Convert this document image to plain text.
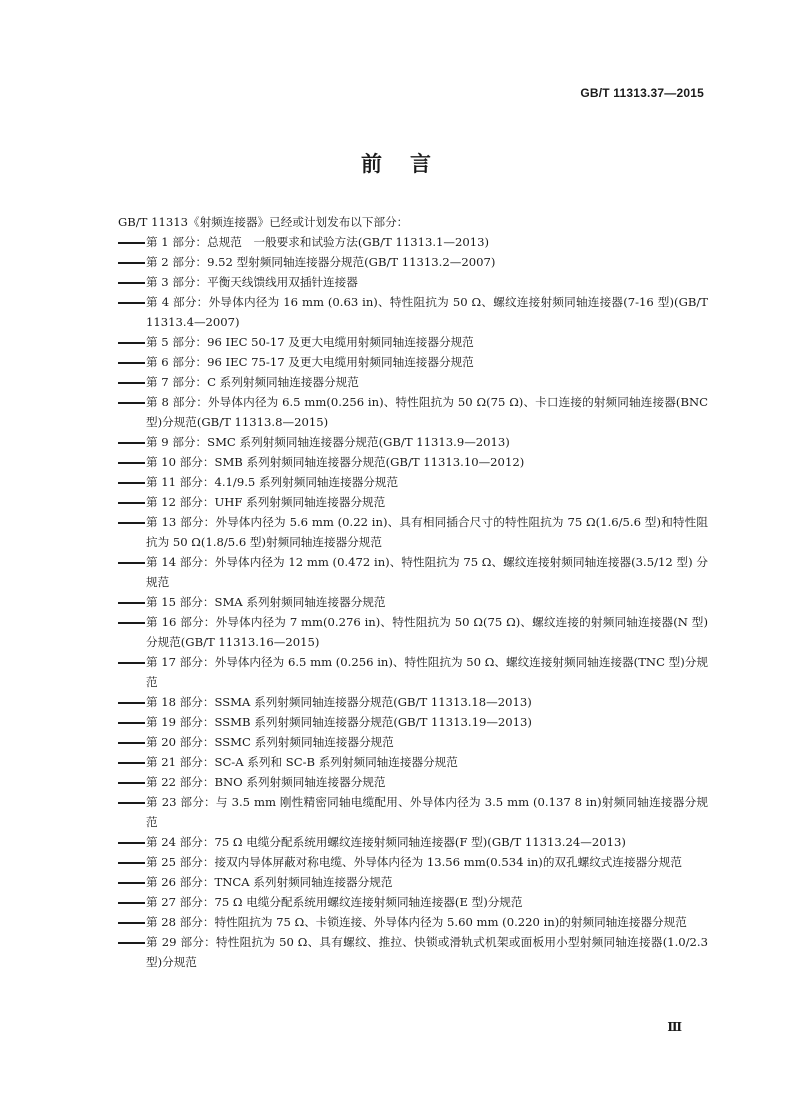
GB/T 11313.37—2015
前言
GB/T 11313《射频连接器》已经或计划发布以下部分：
第 1 部分：总规范　一般要求和试验方法(GB/T 11313.1—2013)
第 2 部分：9.52 型射频同轴连接器分规范(GB/T 11313.2—2007)
第 3 部分：平衡天线馈线用双插针连接器
第 4 部分：外导体内径为 16 mm (0.63 in)、特性阻抗为 50 Ω、螺纹连接射频同轴连接器(7-16 型)(GB/T 11313.4—2007)
第 5 部分：96 IEC 50-17 及更大电缆用射频同轴连接器分规范
第 6 部分：96 IEC 75-17 及更大电缆用射频同轴连接器分规范
第 7 部分：C 系列射频同轴连接器分规范
第 8 部分：外导体内径为 6.5 mm(0.256 in)、特性阻抗为 50 Ω(75 Ω)、卡口连接的射频同轴连接器(BNC 型)分规范(GB/T 11313.8—2015)
第 9 部分：SMC 系列射频同轴连接器分规范(GB/T 11313.9—2013)
第 10 部分：SMB 系列射频同轴连接器分规范(GB/T 11313.10—2012)
第 11 部分：4.1/9.5 系列射频同轴连接器分规范
第 12 部分：UHF 系列射频同轴连接器分规范
第 13 部分：外导体内径为 5.6 mm (0.22 in)、具有相同插合尺寸的特性阻抗为 75 Ω(1.6/5.6 型)和特性阻抗为 50 Ω(1.8/5.6 型)射频同轴连接器分规范
第 14 部分：外导体内径为 12 mm (0.472 in)、特性阻抗为 75 Ω、螺纹连接射频同轴连接器(3.5/12 型) 分规范
第 15 部分：SMA 系列射频同轴连接器分规范
第 16 部分：外导体内径为 7 mm(0.276 in)、特性阻抗为 50 Ω(75 Ω)、螺纹连接的射频同轴连接器(N 型)分规范(GB/T 11313.16—2015)
第 17 部分：外导体内径为 6.5 mm (0.256 in)、特性阻抗为 50 Ω、螺纹连接射频同轴连接器(TNC 型)分规范
第 18 部分：SSMA 系列射频同轴连接器分规范(GB/T 11313.18—2013)
第 19 部分：SSMB 系列射频同轴连接器分规范(GB/T 11313.19—2013)
第 20 部分：SSMC 系列射频同轴连接器分规范
第 21 部分：SC-A 系列和 SC-B 系列射频同轴连接器分规范
第 22 部分：BNO 系列射频同轴连接器分规范
第 23 部分：与 3.5 mm 刚性精密同轴电缆配用、外导体内径为 3.5 mm (0.137 8 in)射频同轴连接器分规范
第 24 部分：75 Ω 电缆分配系统用螺纹连接射频同轴连接器(F 型)(GB/T 11313.24—2013)
第 25 部分：接双内导体屏蔽对称电缆、外导体内径为 13.56 mm(0.534 in)的双孔螺纹式连接器分规范
第 26 部分：TNCA 系列射频同轴连接器分规范
第 27 部分：75 Ω 电缆分配系统用螺纹连接射频同轴连接器(E 型)分规范
第 28 部分：特性阻抗为 75 Ω、卡锁连接、外导体内径为 5.60 mm (0.220 in)的射频同轴连接器分规范
第 29 部分：特性阻抗为 50 Ω、具有螺纹、推拉、快锁或滑轨式机架或面板用小型射频同轴连接器(1.0/2.3 型)分规范
Ⅲ
